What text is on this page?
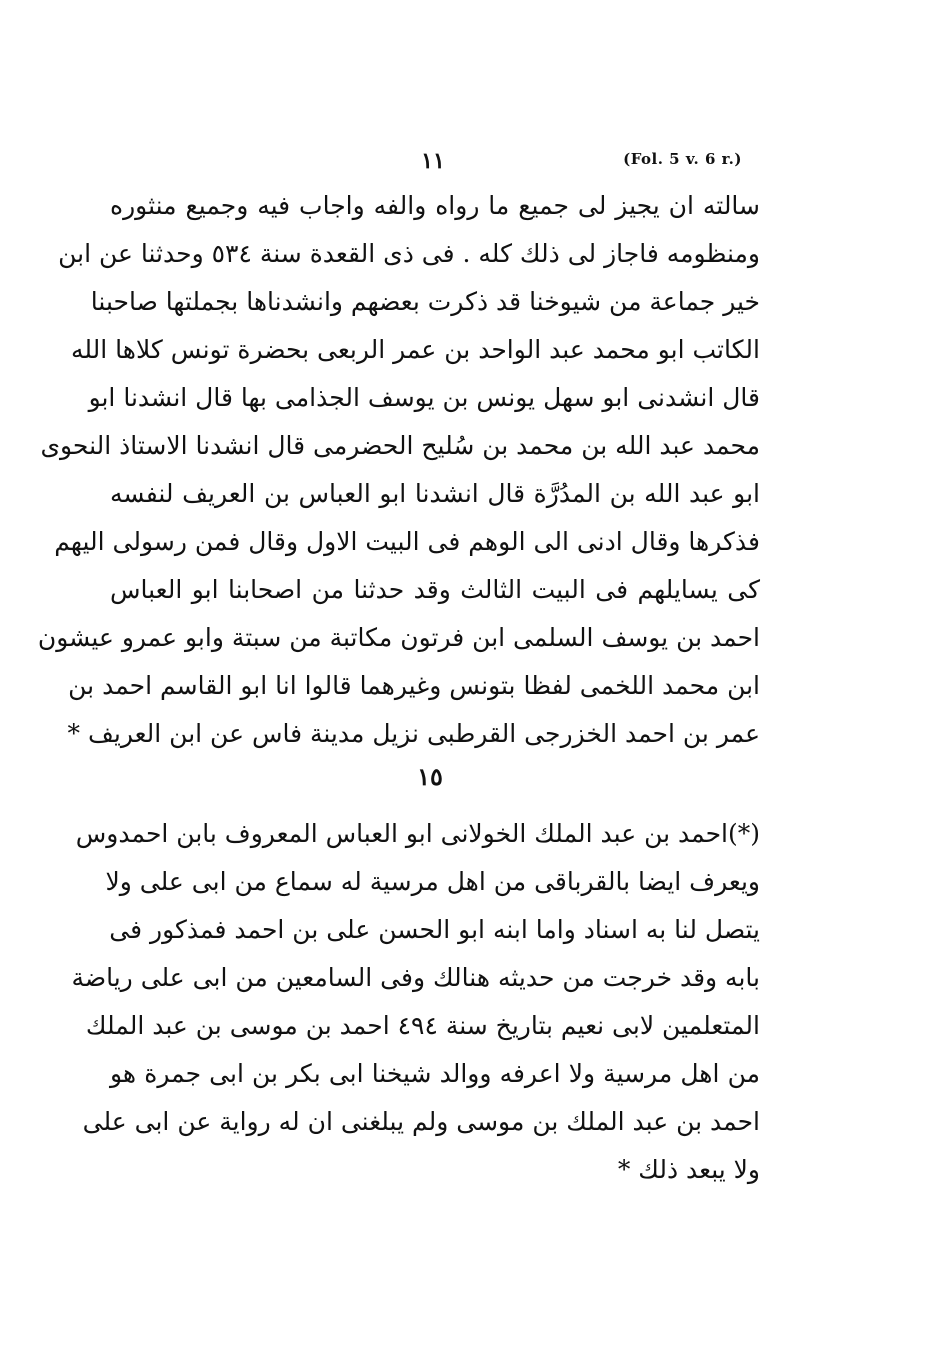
١١	(Fol. 5 v. 6 r.)
سالته ان يجيز لى جميع ما رواه والفه واجاب فيه وجميع منثوره
ومنظومه فاجاز لى ذلك كله . فى ذى القعدة سنة ٥٣٤ وحدثنا عن ابن
خير جماعة من شيوخنا قد ذكرت بعضهم وانشدناها بجملتها صاحبنا
الكاتب ابو محمد عبد الواحد بن عمر الربعى بحضرة تونس كلاها الله
قال انشدنى ابو سهل يونس بن يوسف الجذامى بها قال انشدنا ابو
محمد عبد الله بن محمد بن سُليح الحضرمى قال انشدنا الاستاذ النحوى
ابو عبد الله بن المدُرَّة قال انشدنا ابو العباس بن العريف لنفسه
فذكرها وقال ادنى الى الوهم فى البيت الاول وقال فمن رسولى اليهم
كى يسايلهم فى البيت الثالث وقد حدثنا من اصحابنا ابو العباس
احمد بن يوسف السلمى ابن فرتون مكاتبة من سبتة وابو عمرو عيشون
ابن محمد اللخمى لفظا بتونس وغيرهما قالوا انا ابو القاسم احمد بن
عمر بن احمد الخزرجى القرطبى نزيل مدينة فاس عن ابن العريف *
١٥
(*)احمد بن عبد الملك الخولانى ابو العباس المعروف بابن احمدوس
ويعرف ايضا بالقرباقى من اهل مرسية له سماع من ابى على ولا
يتصل لنا به اسناد واما ابنه ابو الحسن على بن احمد فمذكور فى
بابه وقد خرجت من حديثه هنالك وفى السامعين من ابى على رياضة
المتعلمين لابى نعيم بتاريخ سنة ٤٩٤ احمد بن موسى بن عبد الملك
من اهل مرسية ولا اعرفه ووالد شيخنا ابى بكر بن ابى جمرة هو
احمد بن عبد الملك بن موسى ولم يبلغنى ان له رواية عن ابى على
ولا يبعد ذلك *
